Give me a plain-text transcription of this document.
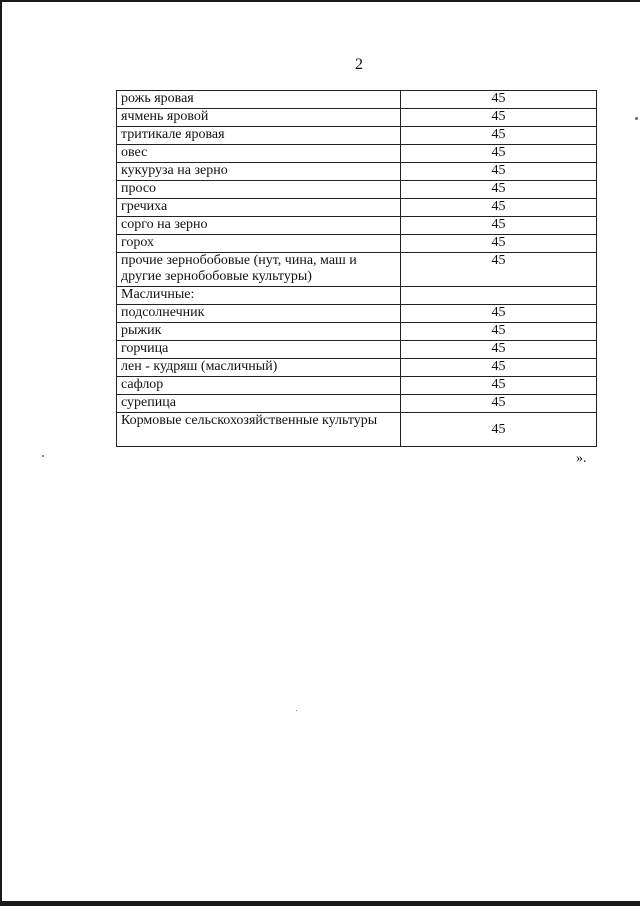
2
рожь яровая	45
ячмень яровой	45
тритикале яровая	45
овес	45
кукуруза на зерно	45
просо	45
гречиха	45
сорго на зерно	45
горох	45
прочие зернобобовые (нут, чина, маш и другие зернобобовые культуры)	45
Масличные:	
подсолнечник	45
рыжик	45
горчица	45
лен - кудряш (масличный)	45
сафлор	45
сурепица	45
Кормовые сельскохозяйственные культуры	45
».
